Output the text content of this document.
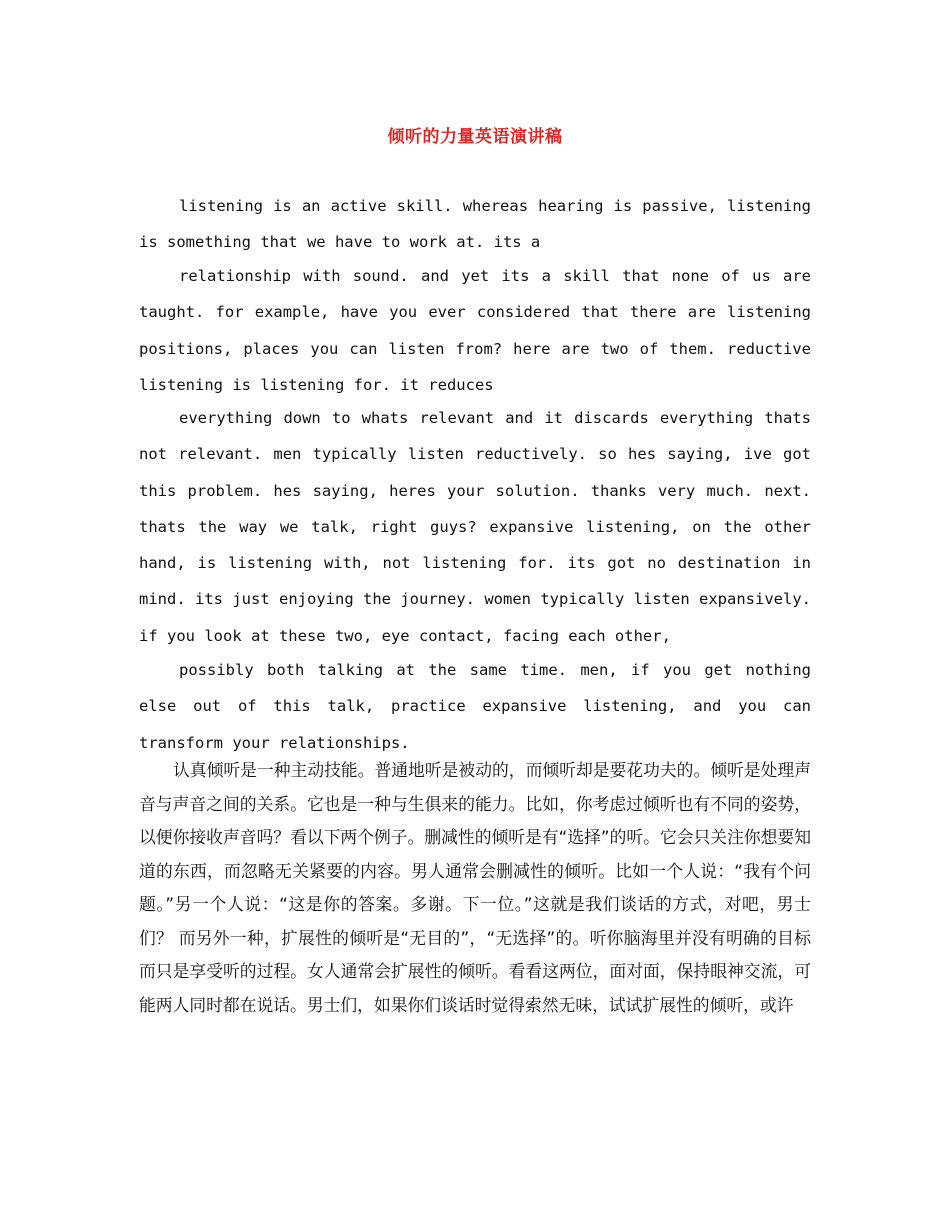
倾听的力量英语演讲稿

listening is an active skill. whereas hearing is passive, listening is something that we have to work at. its a

relationship with sound. and yet its a skill that none of us are taught. for example, have you ever considered that there are listening positions, places you can listen from? here are two of them. reductive listening is listening for. it reduces

everything down to whats relevant and it discards everything thats not relevant. men typically listen reductively. so hes saying, ive got this problem. hes saying, heres your solution. thanks very much. next. thats the way we talk, right guys? expansive listening, on the other hand, is listening with, not listening for. its got no destination in mind. its just enjoying the journey. women typically listen expansively. if you look at these two, eye contact, facing each other,

possibly both talking at the same time. men, if you get nothing else out of this talk, practice expansive listening, and you can transform your relationships.

认真倾听是一种主动技能。普通地听是被动的，而倾听却是要花功夫的。倾听是处理声音与声音之间的关系。它也是一种与生俱来的能力。比如，你考虑过倾听也有不同的姿势，以便你接收声音吗？看以下两个例子。删减性的倾听是有“选择”的听。它会只关注你想要知道的东西，而忽略无关紧要的内容。男人通常会删减性的倾听。比如一个人说：“我有个问题。”另一个人说：“这是你的答案。多谢。下一位。”这就是我们谈话的方式，对吧，男士们？ 而另外一种，扩展性的倾听是“无目的”，“无选择”的。听你脑海里并没有明确的目标而只是享受听的过程。女人通常会扩展性的倾听。看看这两位，面对面，保持眼神交流，可能两人同时都在说话。男士们，如果你们谈话时觉得索然无味，试试扩展性的倾听，或许
